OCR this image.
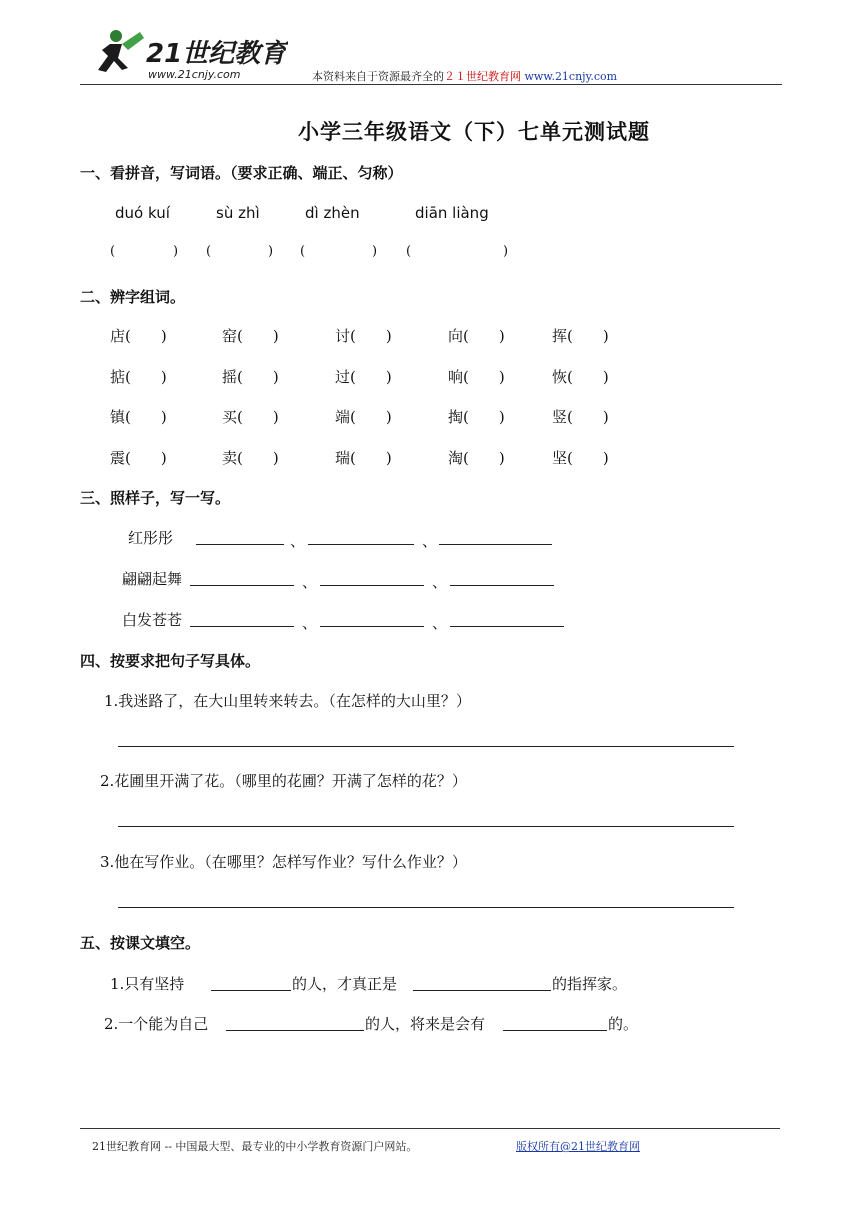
21世纪教育
www.21cnjy.com	本资料来自于资源最齐全的２１世纪教育网 www.21cnjy.com
小学三年级语文（下）七单元测试题
一、看拼音，写词语。（要求正确、端正、匀称）
duó kuí	sù zhì	dì zhèn	diān liàng
(	) (	) (	) (	)
二、辨字组词。
店(　　)	窑(　　)	讨(　　)	向(　　)	挥(　　)
掂(　　)	摇(　　)	过(　　)	响(　　)	恢(　　)
镇(　　)	买(　　)	端(　　)	掏(　　)	竖(　　)
震(　　)	卖(　　)	瑞(　　)	淘(　　)	坚(　　)
三、照样子，写一写。
红彤彤	、	、
翩翩起舞	、	、
白发苍苍	、	、
四、按要求把句子写具体。
1.我迷路了，在大山里转来转去。（在怎样的大山里？）
2.花圃里开满了花。（哪里的花圃？开满了怎样的花？）
3.他在写作业。（在哪里？怎样写作业？写什么作业？）
五、按课文填空。
1.只有坚持	的人，才真正是	的指挥家。
2.一个能为自己	的人，将来是会有	的。
21世纪教育网 -- 中国最大型、最专业的中小学教育资源门户网站。	版权所有@21世纪教育网
